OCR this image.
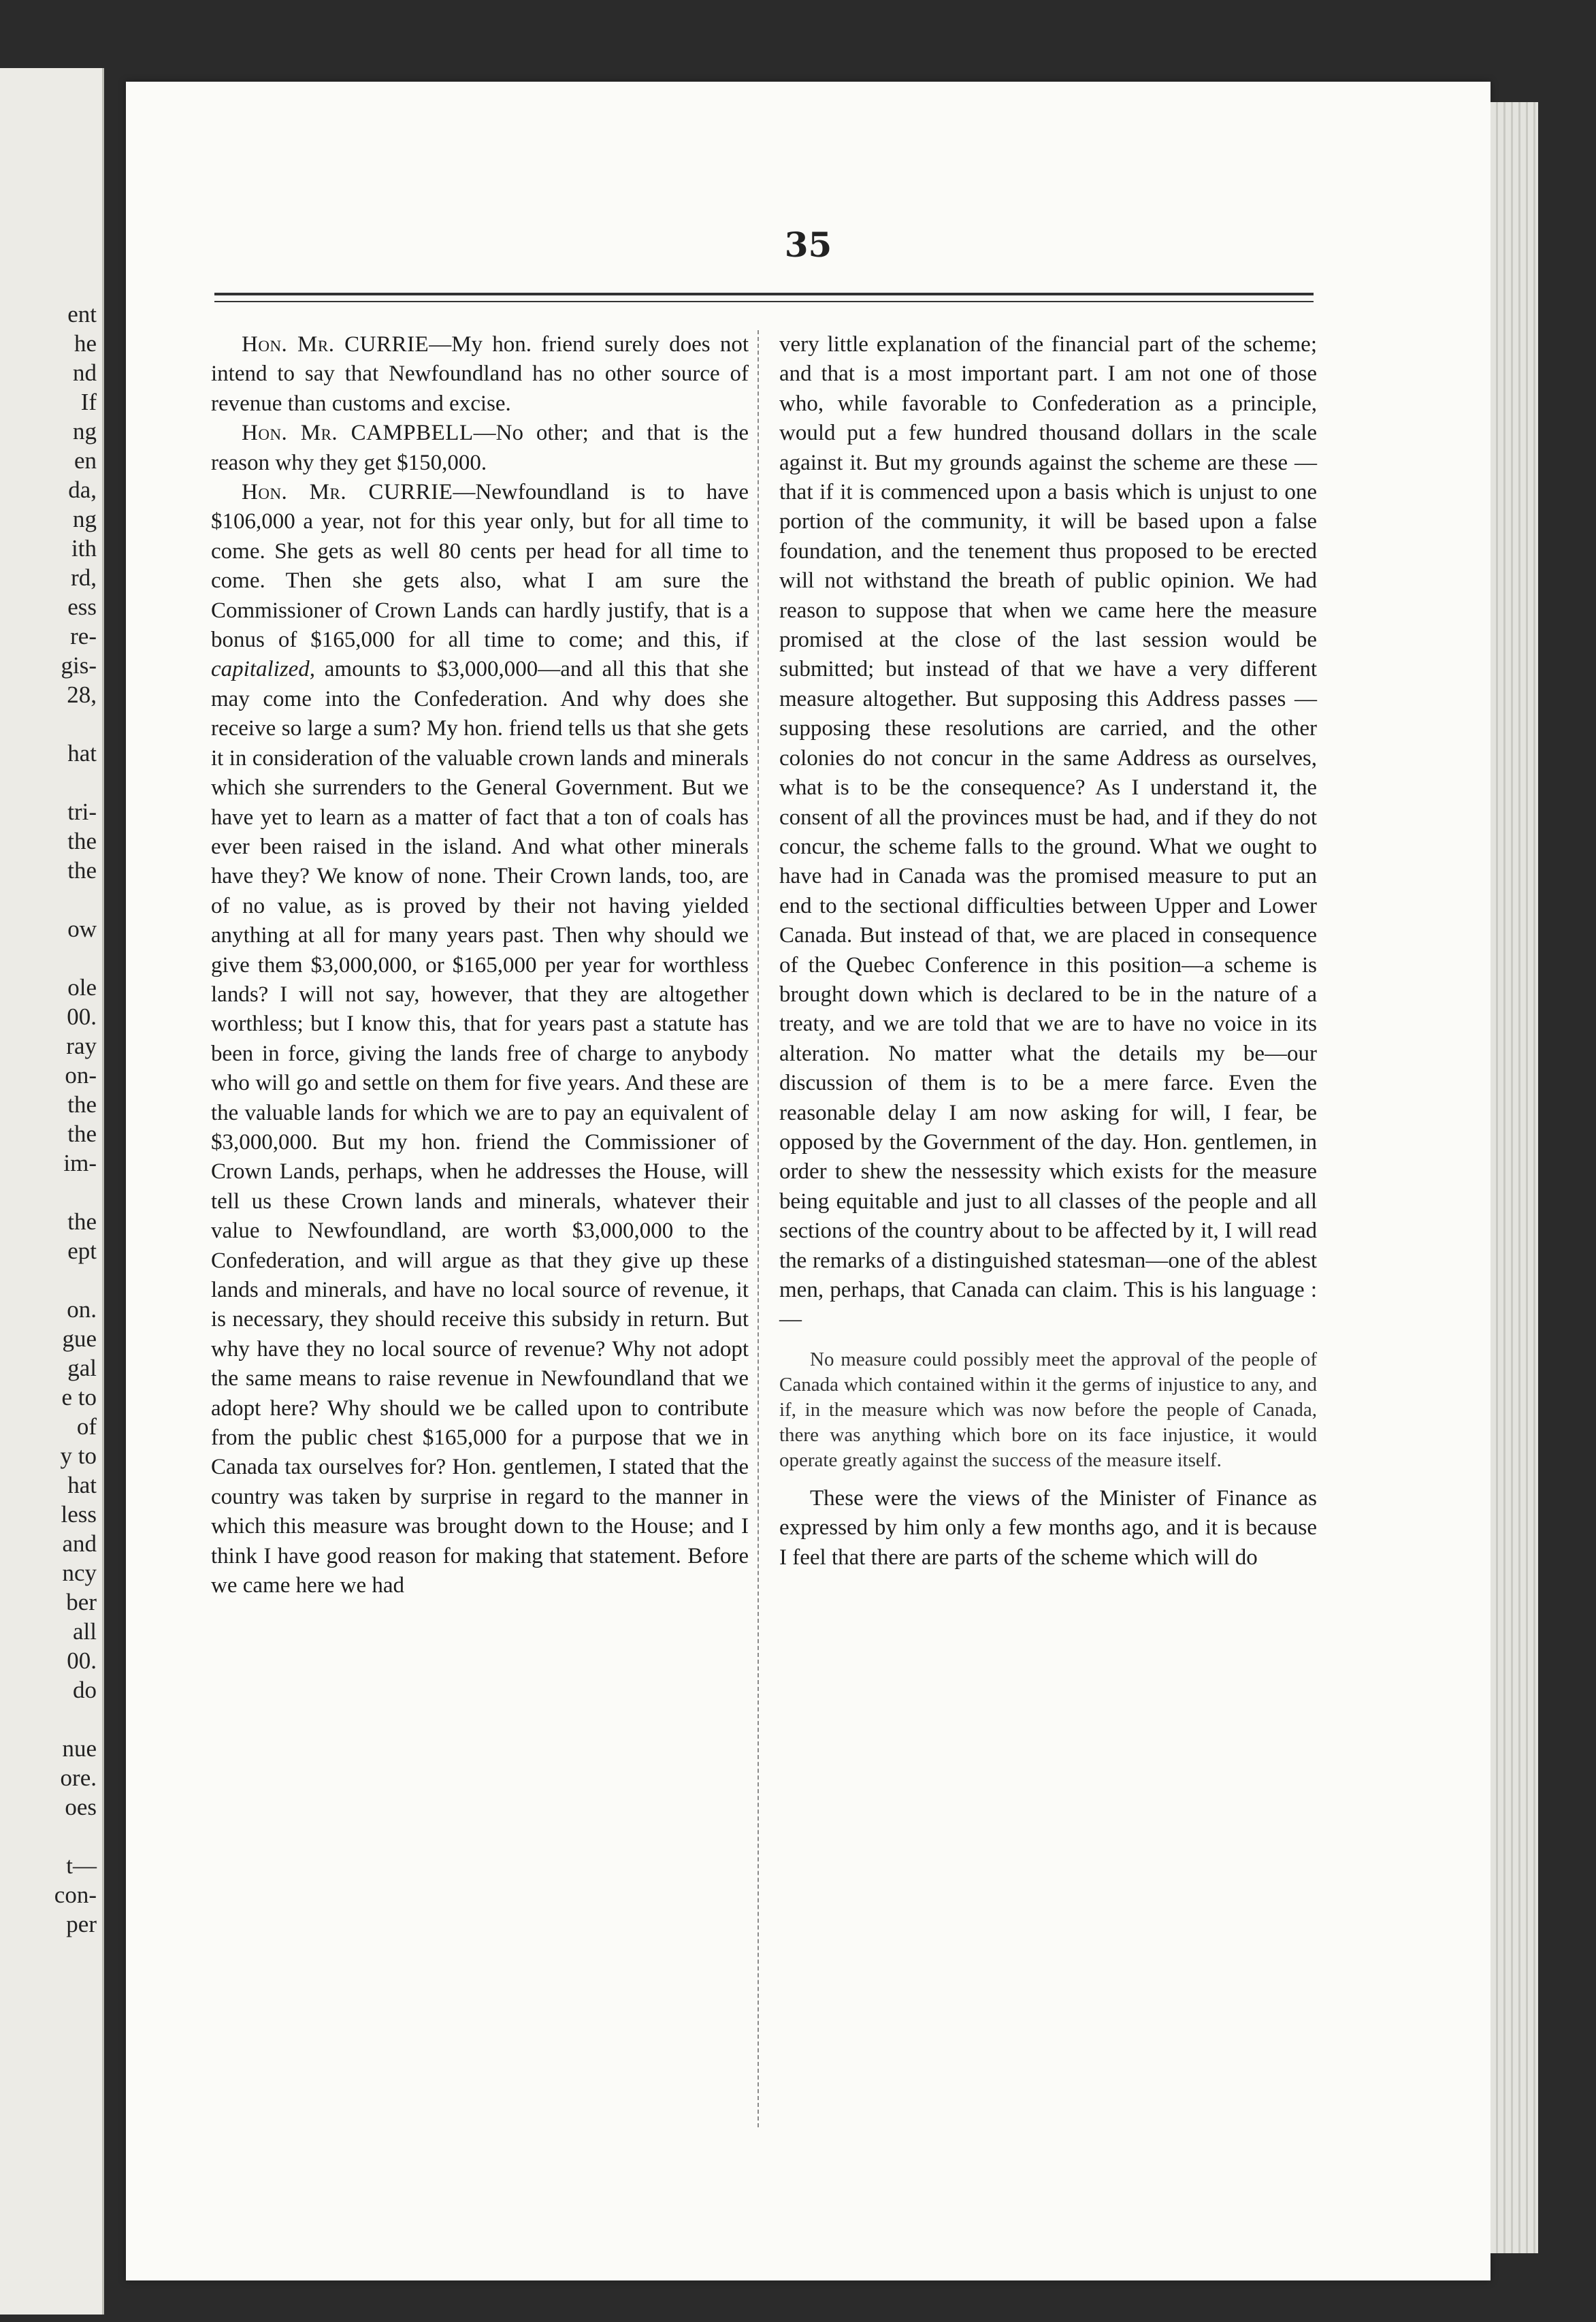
ent
he
nd
If
ng
en
da,
ng
ith
rd,
ess
re-
gis-
28,
hat
tri-
the
the
ow
ole
00.
ray
on-
the
the
im-
the
ept
on.
gue
gal
e to
of
y to
hat
less
and
ncy
ber
all
00.
do
nue
ore.
oes
t—
con-
per
35

Hon. Mr. CURRIE—My hon. friend surely does not intend to say that Newfoundland has no other source of revenue than customs and excise.

Hon. Mr. CAMPBELL—No other; and that is the reason why they get $150,000.

Hon. Mr. CURRIE—Newfoundland is to have $106,000 a year, not for this year only, but for all time to come. She gets as well 80 cents per head for all time to come. Then she gets also, what I am sure the Commissioner of Crown Lands can hardly justify, that is a bonus of $165,000 for all time to come; and this, if capitalized, amounts to $3,000,000—and all this that she may come into the Confederation. And why does she receive so large a sum? My hon. friend tells us that she gets it in consideration of the valuable crown lands and minerals which she surrenders to the General Government. But we have yet to learn as a matter of fact that a ton of coals has ever been raised in the island. And what other minerals have they? We know of none. Their Crown lands, too, are of no value, as is proved by their not having yielded anything at all for many years past. Then why should we give them $3,000,000, or $165,000 per year for worthless lands? I will not say, however, that they are altogether worthless; but I know this, that for years past a statute has been in force, giving the lands free of charge to anybody who will go and settle on them for five years. And these are the valuable lands for which we are to pay an equivalent of $3,000,000. But my hon. friend the Commissioner of Crown Lands, perhaps, when he addresses the House, will tell us these Crown lands and minerals, whatever their value to Newfoundland, are worth $3,000,000 to the Confederation, and will argue as that they give up these lands and minerals, and have no local source of revenue, it is necessary, they should receive this subsidy in return. But why have they no local source of revenue? Why not adopt the same means to raise revenue in Newfoundland that we adopt here? Why should we be called upon to contribute from the public chest $165,000 for a purpose that we in Canada tax ourselves for? Hon. gentlemen, I stated that the country was taken by surprise in regard to the manner in which this measure was brought down to the House; and I think I have good reason for making that statement. Before we came here we had

very little explanation of the financial part of the scheme; and that is a most important part. I am not one of those who, while favorable to Confederation as a principle, would put a few hundred thousand dollars in the scale against it. But my grounds against the scheme are these — that if it is commenced upon a basis which is unjust to one portion of the community, it will be based upon a false foundation, and the tenement thus proposed to be erected will not withstand the breath of public opinion. We had reason to suppose that when we came here the measure promised at the close of the last session would be submitted; but instead of that we have a very different measure altogether. But supposing this Address passes — supposing these resolutions are carried, and the other colonies do not concur in the same Address as ourselves, what is to be the consequence? As I understand it, the consent of all the provinces must be had, and if they do not concur, the scheme falls to the ground. What we ought to have had in Canada was the promised measure to put an end to the sectional difficulties between Upper and Lower Canada. But instead of that, we are placed in consequence of the Quebec Conference in this position—a scheme is brought down which is declared to be in the nature of a treaty, and we are told that we are to have no voice in its alteration. No matter what the details my be—our discussion of them is to be a mere farce. Even the reasonable delay I am now asking for will, I fear, be opposed by the Government of the day. Hon. gentlemen, in order to shew the nessessity which exists for the measure being equitable and just to all classes of the people and all sections of the country about to be affected by it, I will read the remarks of a distinguished statesman—one of the ablest men, perhaps, that Canada can claim. This is his language :—

No measure could possibly meet the approval of the people of Canada which contained within it the germs of injustice to any, and if, in the measure which was now before the people of Canada, there was anything which bore on its face injustice, it would operate greatly against the success of the measure itself.

These were the views of the Minister of Finance as expressed by him only a few months ago, and it is because I feel that there are parts of the scheme which will do
